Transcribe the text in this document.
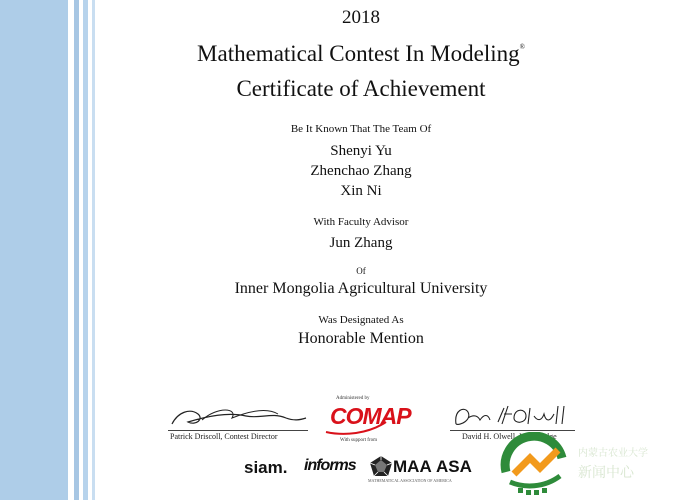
2018
Mathematical Contest In Modeling®
Certificate of Achievement
Be It Known That The Team Of
Shenyi Yu
Zhenchao Zhang
Xin Ni
With Faculty Advisor
Jun Zhang
Of
Inner Mongolia Agricultural University
Was Designated As
Honorable Mention
Patrick Driscoll, Contest Director	David H. Olwell, Head Judge
Administered by
COMAP
With support from
siam. informs MAA
MATHEMATICAL ASSOCIATION OF AMERICA
ASA
内蒙古农业大学
新闻中心
